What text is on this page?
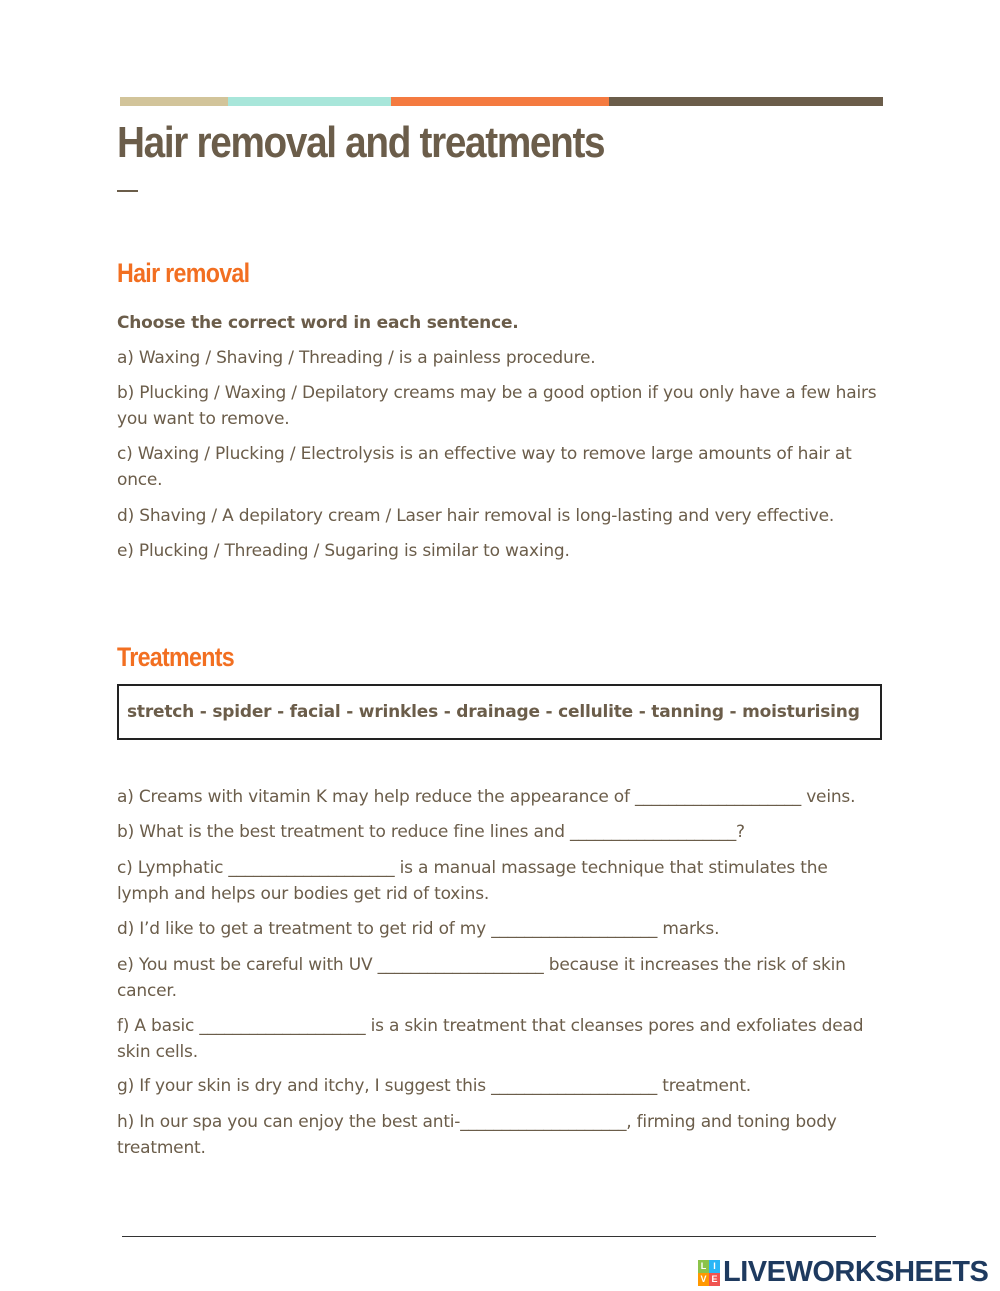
Hair removal and treatments
Hair removal

Choose the correct word in each sentence.

a) Waxing / Shaving / Threading / is a painless procedure.

b) Plucking / Waxing / Depilatory creams may be a good option if you only have a few hairs you want to remove.

c) Waxing / Plucking / Electrolysis is an effective way to remove large amounts of hair at once.

d) Shaving / A depilatory cream / Laser hair removal is long-lasting and very effective.

e) Plucking / Threading / Sugaring is similar to waxing.

Treatments
stretch - spider - facial - wrinkles - drainage - cellulite - tanning - moisturising

a) Creams with vitamin K may help reduce the appearance of ____________________ veins.

b) What is the best treatment to reduce fine lines and ____________________?

c) Lymphatic ____________________ is a manual massage technique that stimulates the lymph and helps our bodies get rid of toxins.

d) I’d like to get a treatment to get rid of my ____________________ marks.

e) You must be careful with UV ____________________ because it increases the risk of skin cancer.

f) A basic ____________________ is a skin treatment that cleanses pores and exfoliates dead skin cells.

g) If your skin is dry and itchy, I suggest this ____________________ treatment.

h) In our spa you can enjoy the best anti-____________________, firming and toning body treatment.

L I
V E LIVEWORKSHEETS
